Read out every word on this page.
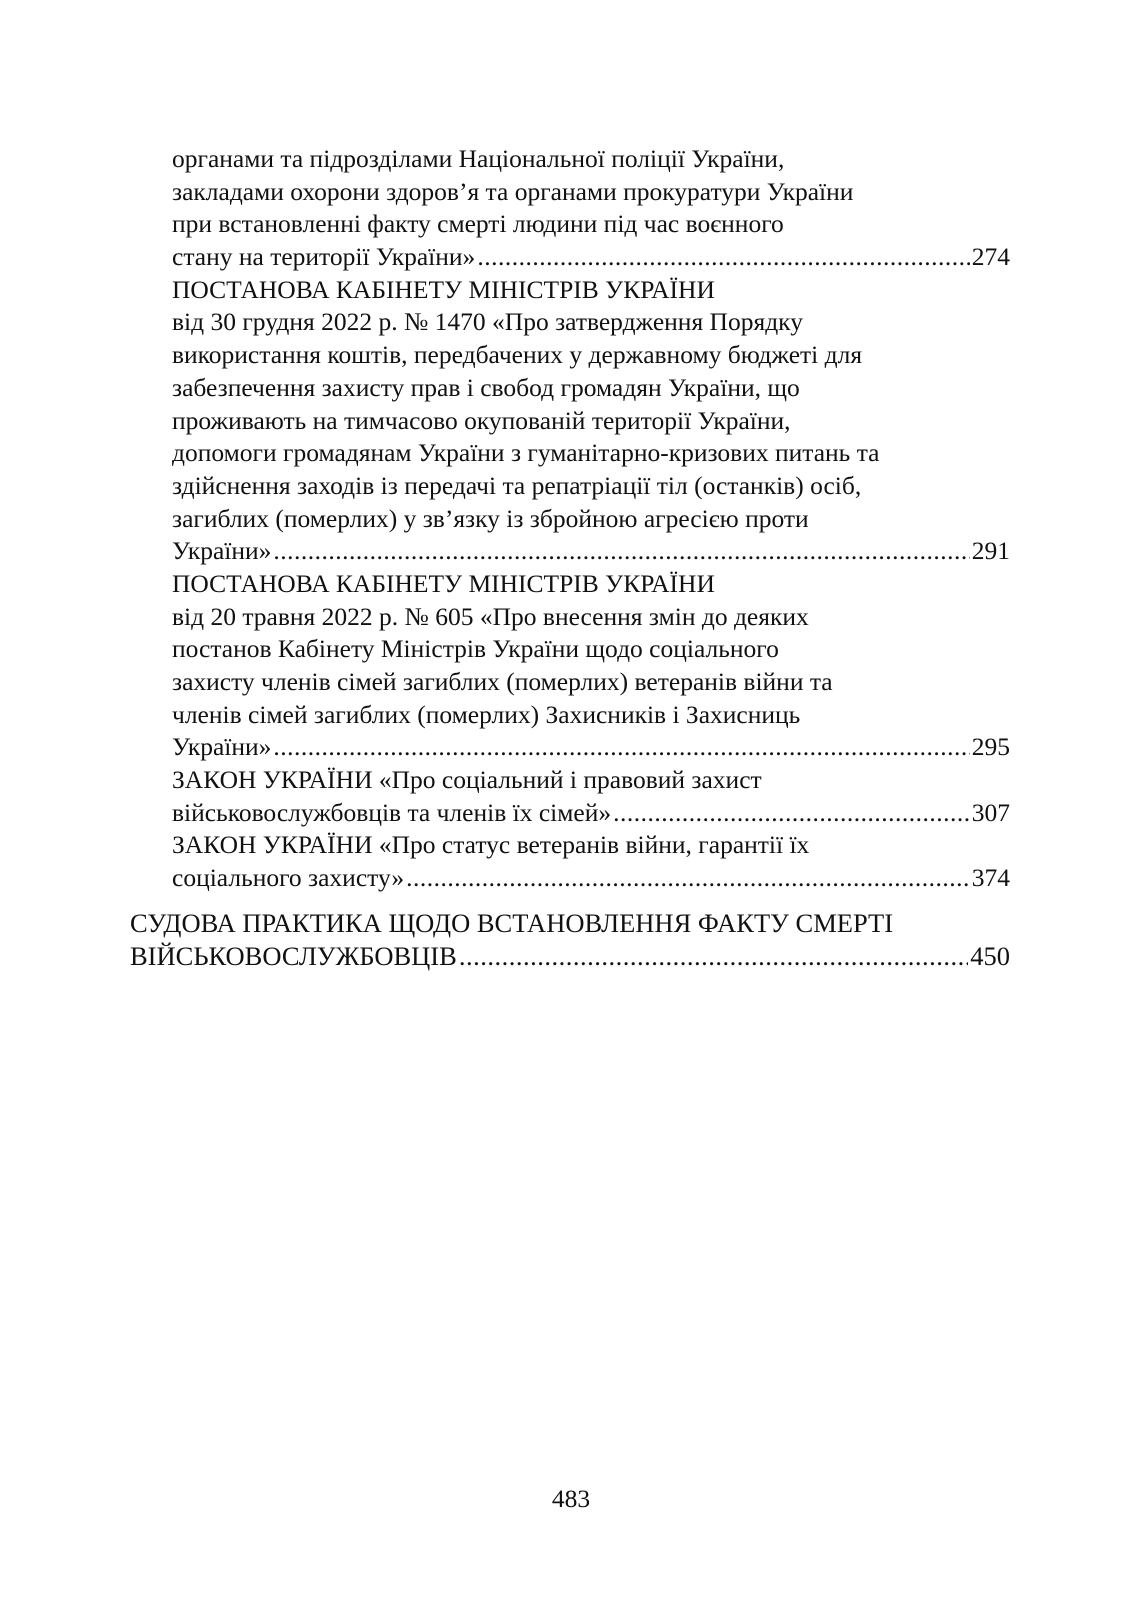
органами та підрозділами Національної поліції України,
закладами охорони здоров’я та органами прокуратури України
при встановленні факту смерті людини під час воєнного
стану на території України» .....	274
ПОСТАНОВА КАБІНЕТУ МІНІСТРІВ УКРАЇНИ
від 30 грудня 2022 р. № 1470 «Про затвердження Порядку
використання коштів, передбачених у державному бюджеті для
забезпечення захисту прав і свобод громадян України, що
проживають на тимчасово окупованій території України,
допомоги громадянам України з гуманітарно-кризових питань та
здійснення заходів із передачі та репатріації тіл (останків) осіб,
загиблих (померлих) у зв’язку із збройною агресією проти
України» .....	291
ПОСТАНОВА КАБІНЕТУ МІНІСТРІВ УКРАЇНИ
від 20 травня 2022 р. № 605 «Про внесення змін до деяких
постанов Кабінету Міністрів України щодо соціального
захисту членів сімей загиблих (померлих) ветеранів війни та
членів сімей загиблих (померлих) Захисників і Захисниць
України» .....	295
ЗАКОН УКРАЇНИ «Про соціальний і правовий захист
військовослужбовців та членів їх сімей» .....	307
ЗАКОН УКРАЇНИ «Про статус ветеранів війни, гарантії їх
соціального захисту» .....	374
СУДОВА ПРАКТИКА ЩОДО ВСТАНОВЛЕННЯ ФАКТУ СМЕРТІ
ВІЙСЬКОВОСЛУЖБОВЦІВ .....	450
483
